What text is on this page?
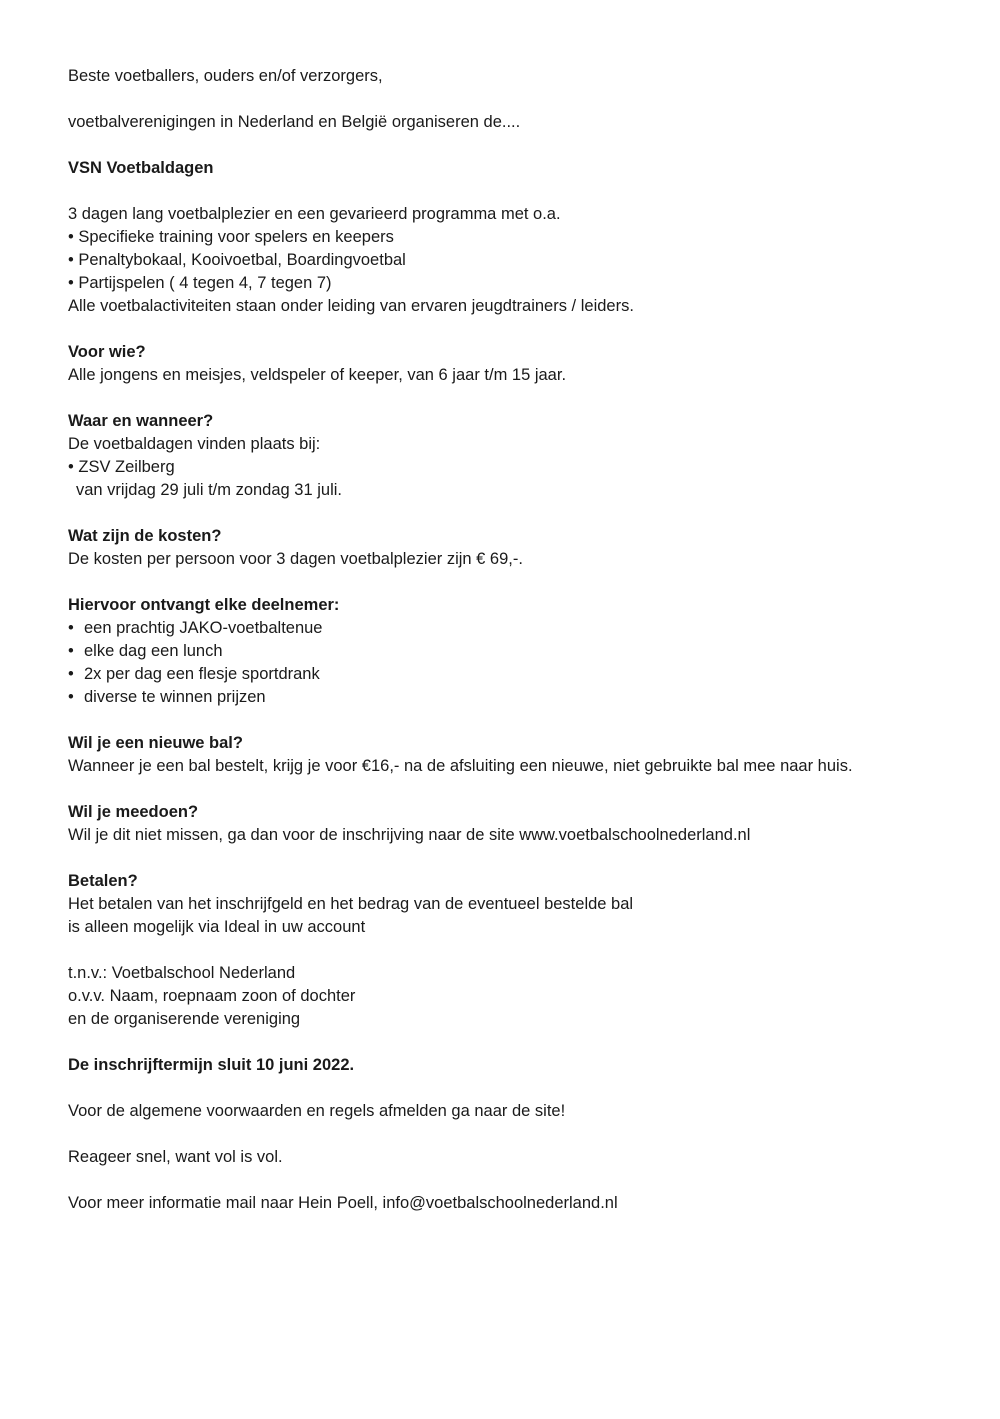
Beste voetballers, ouders en/of verzorgers,
voetbalverenigingen in Nederland en België organiseren de....
VSN Voetbaldagen
3 dagen lang voetbalplezier en een gevarieerd programma met o.a.
• Specifieke training voor spelers en keepers
• Penaltybokaal, Kooivoetbal, Boardingvoetbal
• Partijspelen ( 4 tegen 4, 7 tegen 7)
Alle voetbalactiviteiten staan onder leiding van ervaren jeugdtrainers / leiders.
Voor wie?
Alle jongens en meisjes, veldspeler of keeper, van 6 jaar t/m 15 jaar.
Waar en wanneer?
De voetbaldagen vinden plaats bij:
• ZSV Zeilberg
van vrijdag 29 juli t/m zondag 31 juli.
Wat zijn de kosten?
De kosten per persoon voor 3 dagen voetbalplezier zijn € 69,-.
Hiervoor ontvangt elke deelnemer:
• een prachtig JAKO-voetbaltenue
• elke dag een lunch
• 2x per dag een flesje sportdrank
• diverse te winnen prijzen
Wil je een nieuwe bal?
Wanneer je een bal bestelt, krijg je voor €16,- na de afsluiting een nieuwe, niet gebruikte bal mee naar huis.
Wil je meedoen?
Wil je dit niet missen, ga dan voor de inschrijving naar de site www.voetbalschoolnederland.nl
Betalen?
Het betalen van het inschrijfgeld en het bedrag van de eventueel bestelde bal
is alleen mogelijk via Ideal in uw account
t.n.v.: Voetbalschool Nederland
o.v.v. Naam, roepnaam zoon of dochter
en de organiserende vereniging
De inschrijftermijn sluit 10 juni 2022.
Voor de algemene voorwaarden en regels afmelden ga naar de site!
Reageer snel, want vol is vol.
Voor meer informatie mail naar Hein Poell, info@voetbalschoolnederland.nl
